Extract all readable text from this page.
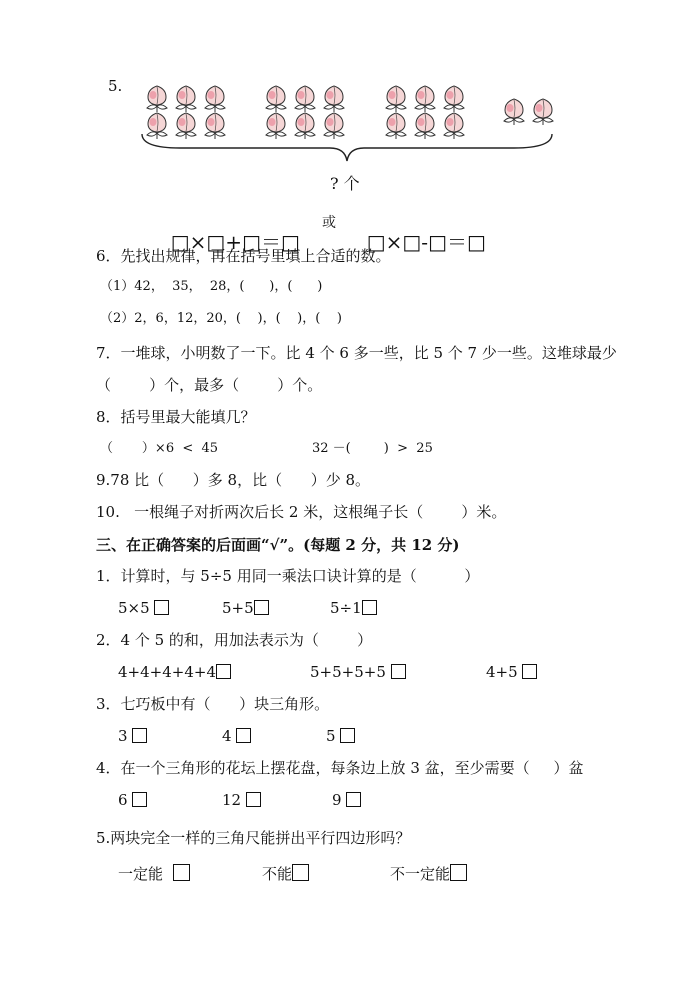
5.
? 个

□×□+□＝□

或

□×□-□＝□

6．先找出规律，再在括号里填上合适的数。
（1）42，  35，  28，(      )，(      )
（2）2，6，12，20，(    )，(    )，(    )
7．一堆球，小明数了一下。比 4 个 6 多一些，比 5 个 7 少一些。这堆球最少
（        ）个，最多（        ）个。
8．括号里最大能填几？
（       ）×6  <  45	32 －(        )  >  25
9.78 比（      ）多 8，比（      ）少 8。
10.   一根绳子对折两次后长 2 米，这根绳子长（        ）米。
三、在正确答案的后面画“√”。(每题 2 分，共 12 分)
1．计算时，与 5÷5 用同一乘法口诀计算的是（          ）
5×5	5+5	5÷1
2．4 个 5 的和，用加法表示为（        ）
4+4+4+4+4	5+5+5+5	4+5
3．七巧板中有（      ）块三角形。
3	4	5
4．在一个三角形的花坛上摆花盘，每条边上放 3 盆，至少需要（     ）盆
6	12	9
5.两块完全一样的三角尺能拼出平行四边形吗？
一定能	不能	不一定能
